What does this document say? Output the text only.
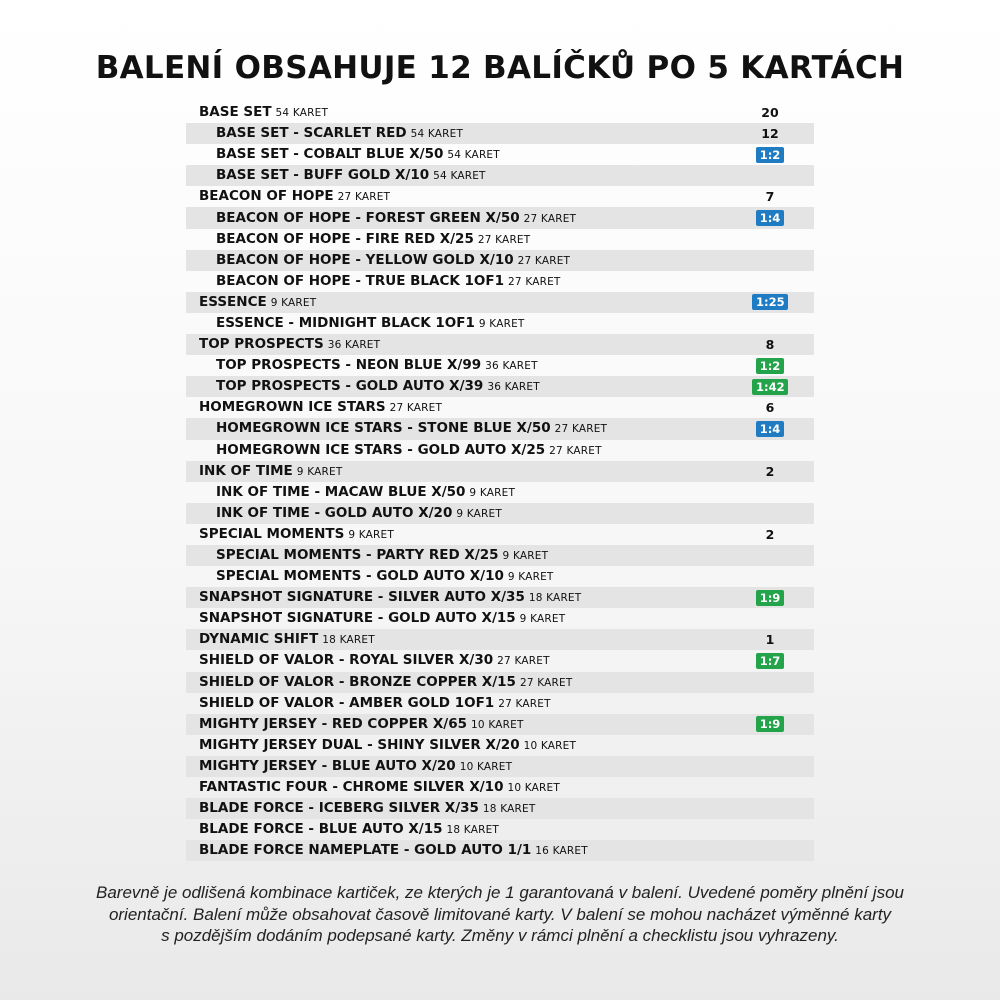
BALENÍ OBSAHUJE 12 BALÍČKŮ PO 5 KARTÁCH
BASE SET 54 KARET	20
BASE SET - SCARLET RED 54 KARET	12
BASE SET - COBALT BLUE X/50 54 KARET	1:2
BASE SET - BUFF GOLD X/10 54 KARET
BEACON OF HOPE 27 KARET	7
BEACON OF HOPE - FOREST GREEN X/50 27 KARET	1:4
BEACON OF HOPE - FIRE RED X/25 27 KARET
BEACON OF HOPE - YELLOW GOLD X/10 27 KARET
BEACON OF HOPE - TRUE BLACK 1OF1 27 KARET
ESSENCE 9 KARET	1:25
ESSENCE - MIDNIGHT BLACK 1OF1 9 KARET
TOP PROSPECTS 36 KARET	8
TOP PROSPECTS - NEON BLUE X/99 36 KARET	1:2
TOP PROSPECTS - GOLD AUTO X/39 36 KARET	1:42
HOMEGROWN ICE STARS 27 KARET	6
HOMEGROWN ICE STARS - STONE BLUE X/50 27 KARET	1:4
HOMEGROWN ICE STARS - GOLD AUTO X/25 27 KARET
INK OF TIME 9 KARET	2
INK OF TIME - MACAW BLUE X/50 9 KARET
INK OF TIME - GOLD AUTO X/20 9 KARET
SPECIAL MOMENTS 9 KARET	2
SPECIAL MOMENTS - PARTY RED X/25 9 KARET
SPECIAL MOMENTS - GOLD AUTO X/10 9 KARET
SNAPSHOT SIGNATURE - SILVER AUTO X/35 18 KARET	1:9
SNAPSHOT SIGNATURE - GOLD AUTO X/15 9 KARET
DYNAMIC SHIFT 18 KARET	1
SHIELD OF VALOR - ROYAL SILVER X/30 27 KARET	1:7
SHIELD OF VALOR - BRONZE COPPER X/15 27 KARET
SHIELD OF VALOR - AMBER GOLD 1OF1 27 KARET
MIGHTY JERSEY - RED COPPER X/65 10 KARET	1:9
MIGHTY JERSEY DUAL - SHINY SILVER X/20 10 KARET
MIGHTY JERSEY - BLUE AUTO X/20 10 KARET
FANTASTIC FOUR - CHROME SILVER X/10 10 KARET
BLADE FORCE - ICEBERG SILVER X/35 18 KARET
BLADE FORCE - BLUE AUTO X/15 18 KARET
BLADE FORCE NAMEPLATE - GOLD AUTO 1/1 16 KARET
Barevně je odlišená kombinace kartiček, ze kterých je 1 garantovaná v balení. Uvedené poměry plnění jsou
orientační. Balení může obsahovat časově limitované karty. V balení se mohou nacházet výměnné karty
s pozdějším dodáním podepsané karty. Změny v rámci plnění a checklistu jsou vyhrazeny.
